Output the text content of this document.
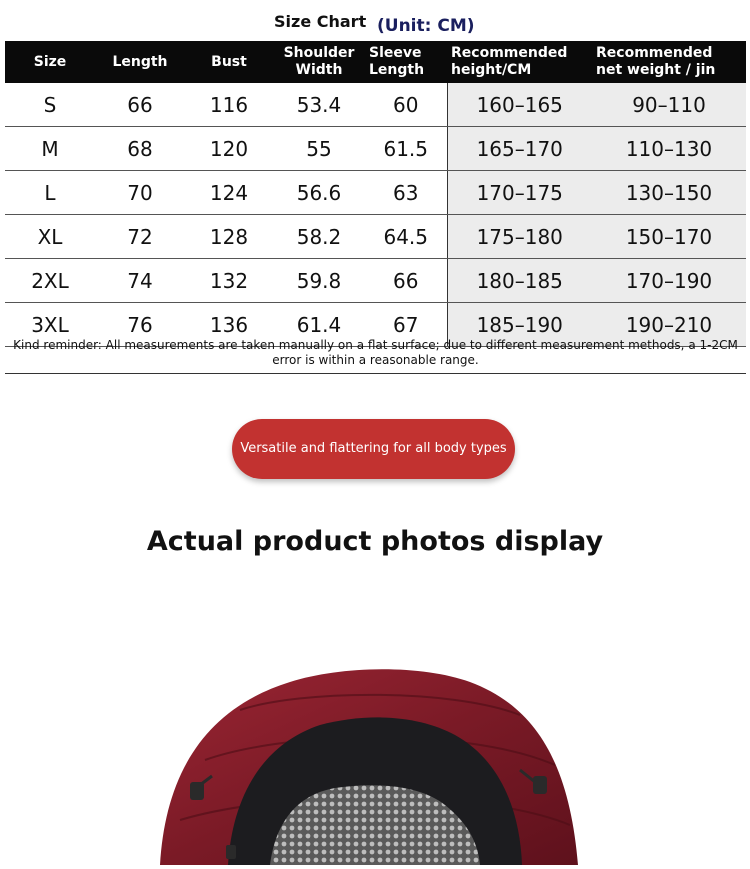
Size Chart (Unit: CM)
Size	Length	Bust	Shoulder Width	Sleeve Length	Recommended height/CM	Recommended net weight / jin
S	66	116	53.4	60	160–165	90–110
M	68	120	55	61.5	165–170	110–130
L	70	124	56.6	63	170–175	130–150
XL	72	128	58.2	64.5	175–180	150–170
2XL	74	132	59.8	66	180–185	170–190
3XL	76	136	61.4	67	185–190	190–210
Kind reminder: All measurements are taken manually on a flat surface; due to different measurement methods, a 1-2CM error is within a reasonable range.
Versatile and flattering for all body types
Actual product photos display
